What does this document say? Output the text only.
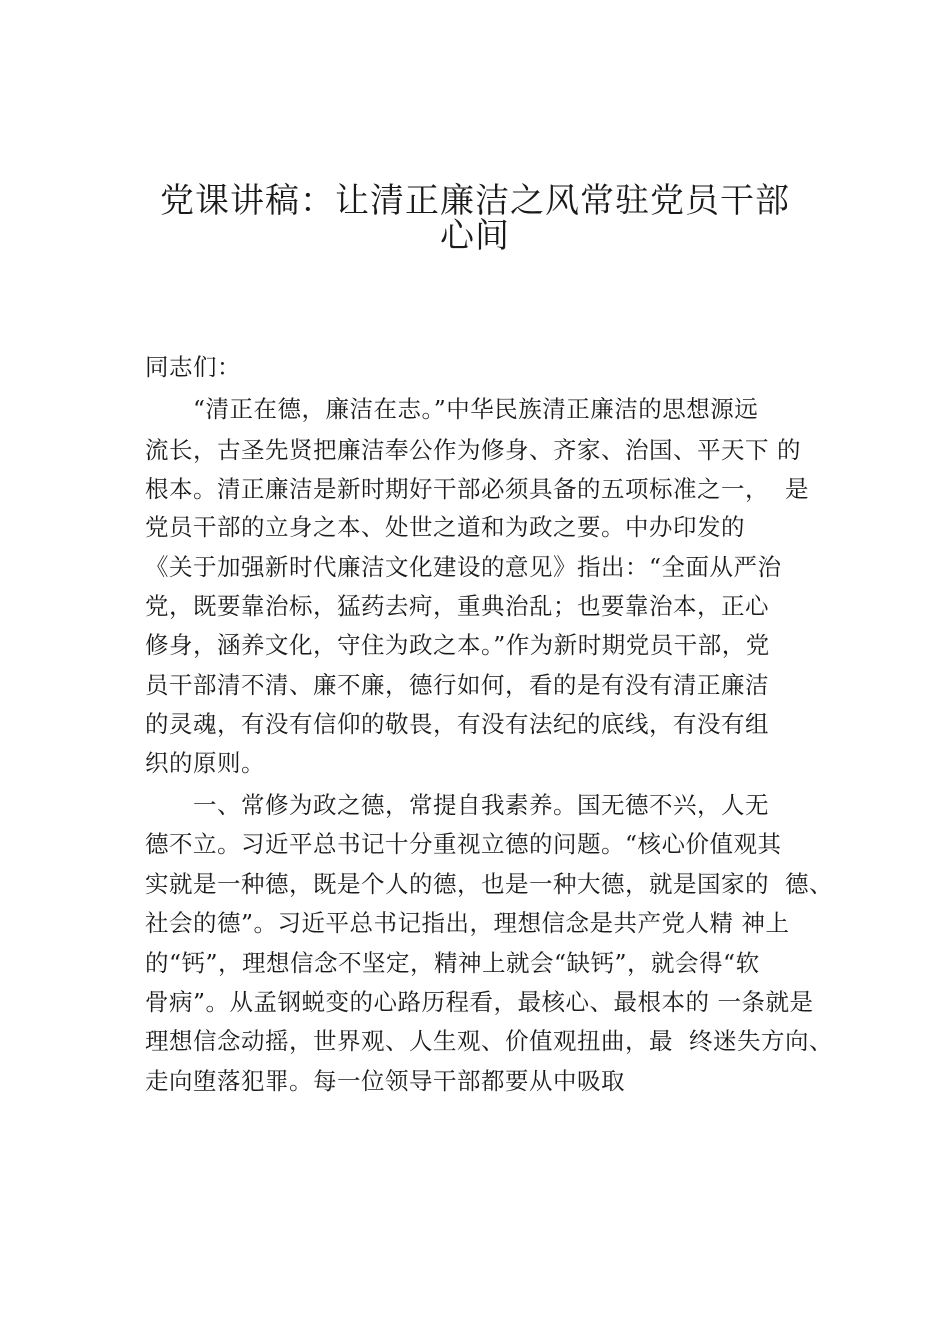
党课讲稿：让清正廉洁之风常驻党员干部
心间
同志们：
　　“清正在德，廉洁在志。”中华民族清正廉洁的思想源远
流长，古圣先贤把廉洁奉公作为修身、齐家、治国、平天下 的
根本。清正廉洁是新时期好干部必须具备的五项标准之一，  是
党员干部的立身之本、处世之道和为政之要。中办印发的
《关于加强新时代廉洁文化建设的意见》指出：“全面从严治
党，既要靠治标，猛药去疴，重典治乱；也要靠治本，正心
修身，涵养文化，守住为政之本。”作为新时期党员干部，党
员干部清不清、廉不廉，德行如何，看的是有没有清正廉洁
的灵魂，有没有信仰的敬畏，有没有法纪的底线，有没有组
织的原则。
　　一、常修为政之德，常提自我素养。国无德不兴，人无
德不立。习近平总书记十分重视立德的问题。“核心价值观其
实就是一种德，既是个人的德，也是一种大德，就是国家的  德、
社会的德”。习近平总书记指出，理想信念是共产党人精 神上
的“钙”，理想信念不坚定，精神上就会“缺钙”，就会得“软
骨病”。从孟钢蜕变的心路历程看，最核心、最根本的 一条就是
理想信念动摇，世界观、人生观、价值观扭曲，最  终迷失方向、
走向堕落犯罪。每一位领导干部都要从中吸取
